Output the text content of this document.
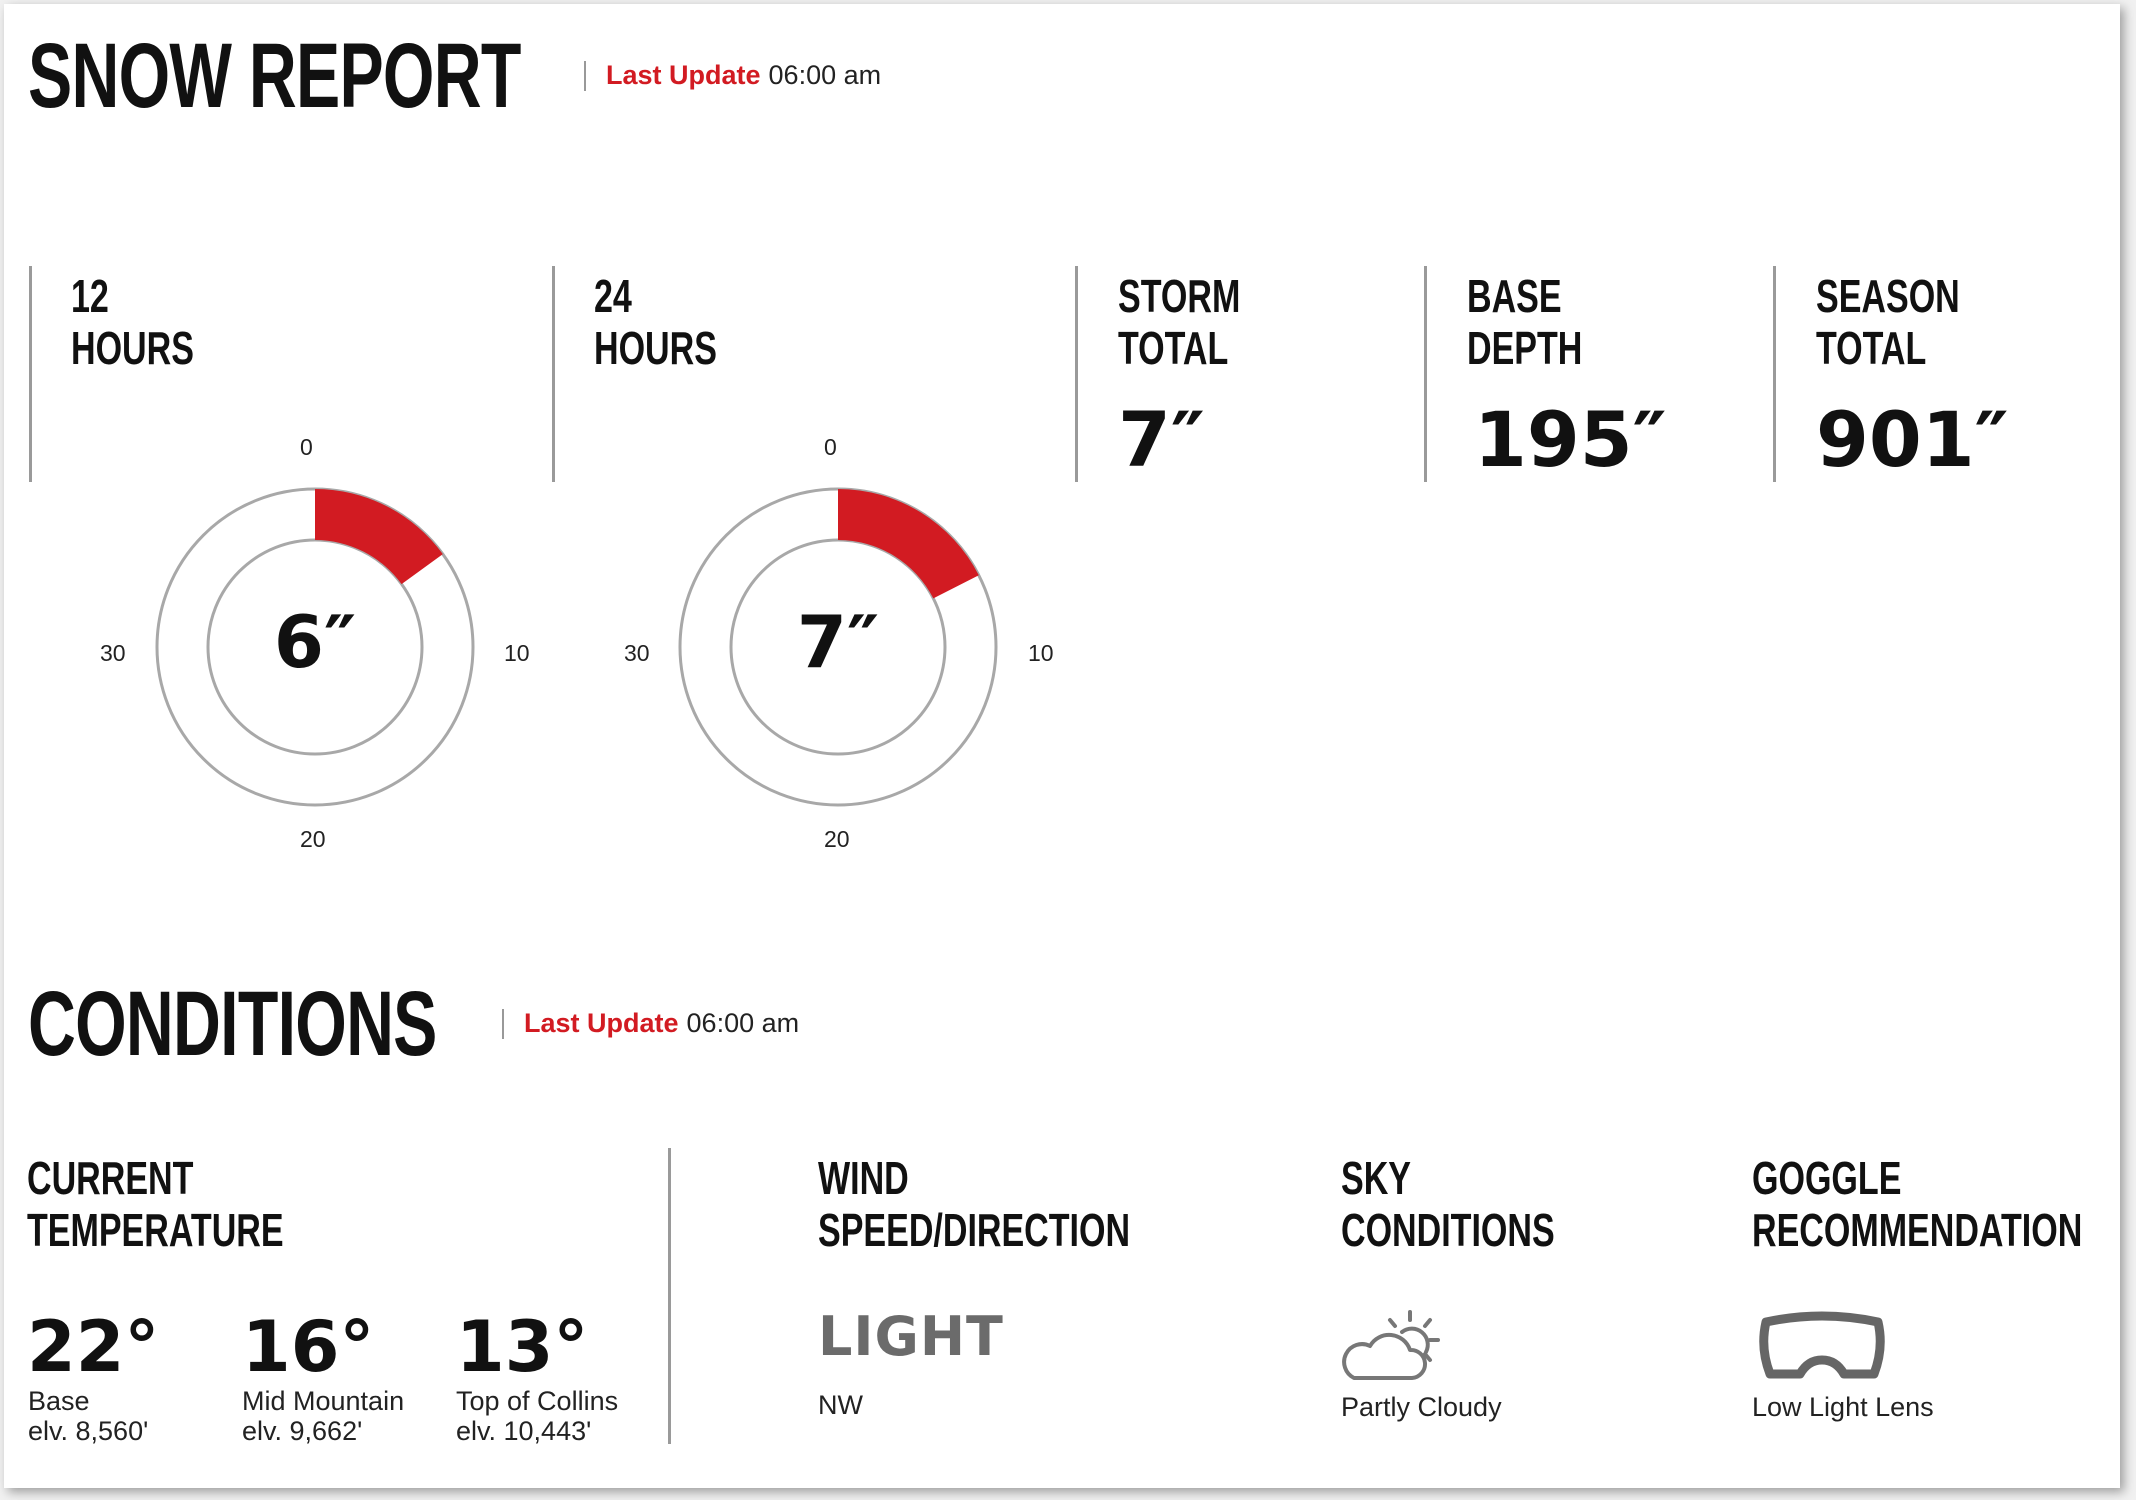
SNOW REPORT	Last Update 06:00 am
12
HOURS
0
10
20
30	6″
24
HOURS
0
10
20
30	7″
STORM
TOTAL
7″
BASE
DEPTH
195″
SEASON
TOTAL
901″
CONDITIONS	Last Update 06:00 am
CURRENT
TEMPERATURE
22°
Base
elv. 8,560'
16°
Mid Mountain
elv. 9,662'
13°
Top of Collins
elv. 10,443'
WIND
SPEED/DIRECTION
LIGHT
NW
SKY
CONDITIONS
Partly Cloudy
GOGGLE
RECOMMENDATION
Low Light Lens
